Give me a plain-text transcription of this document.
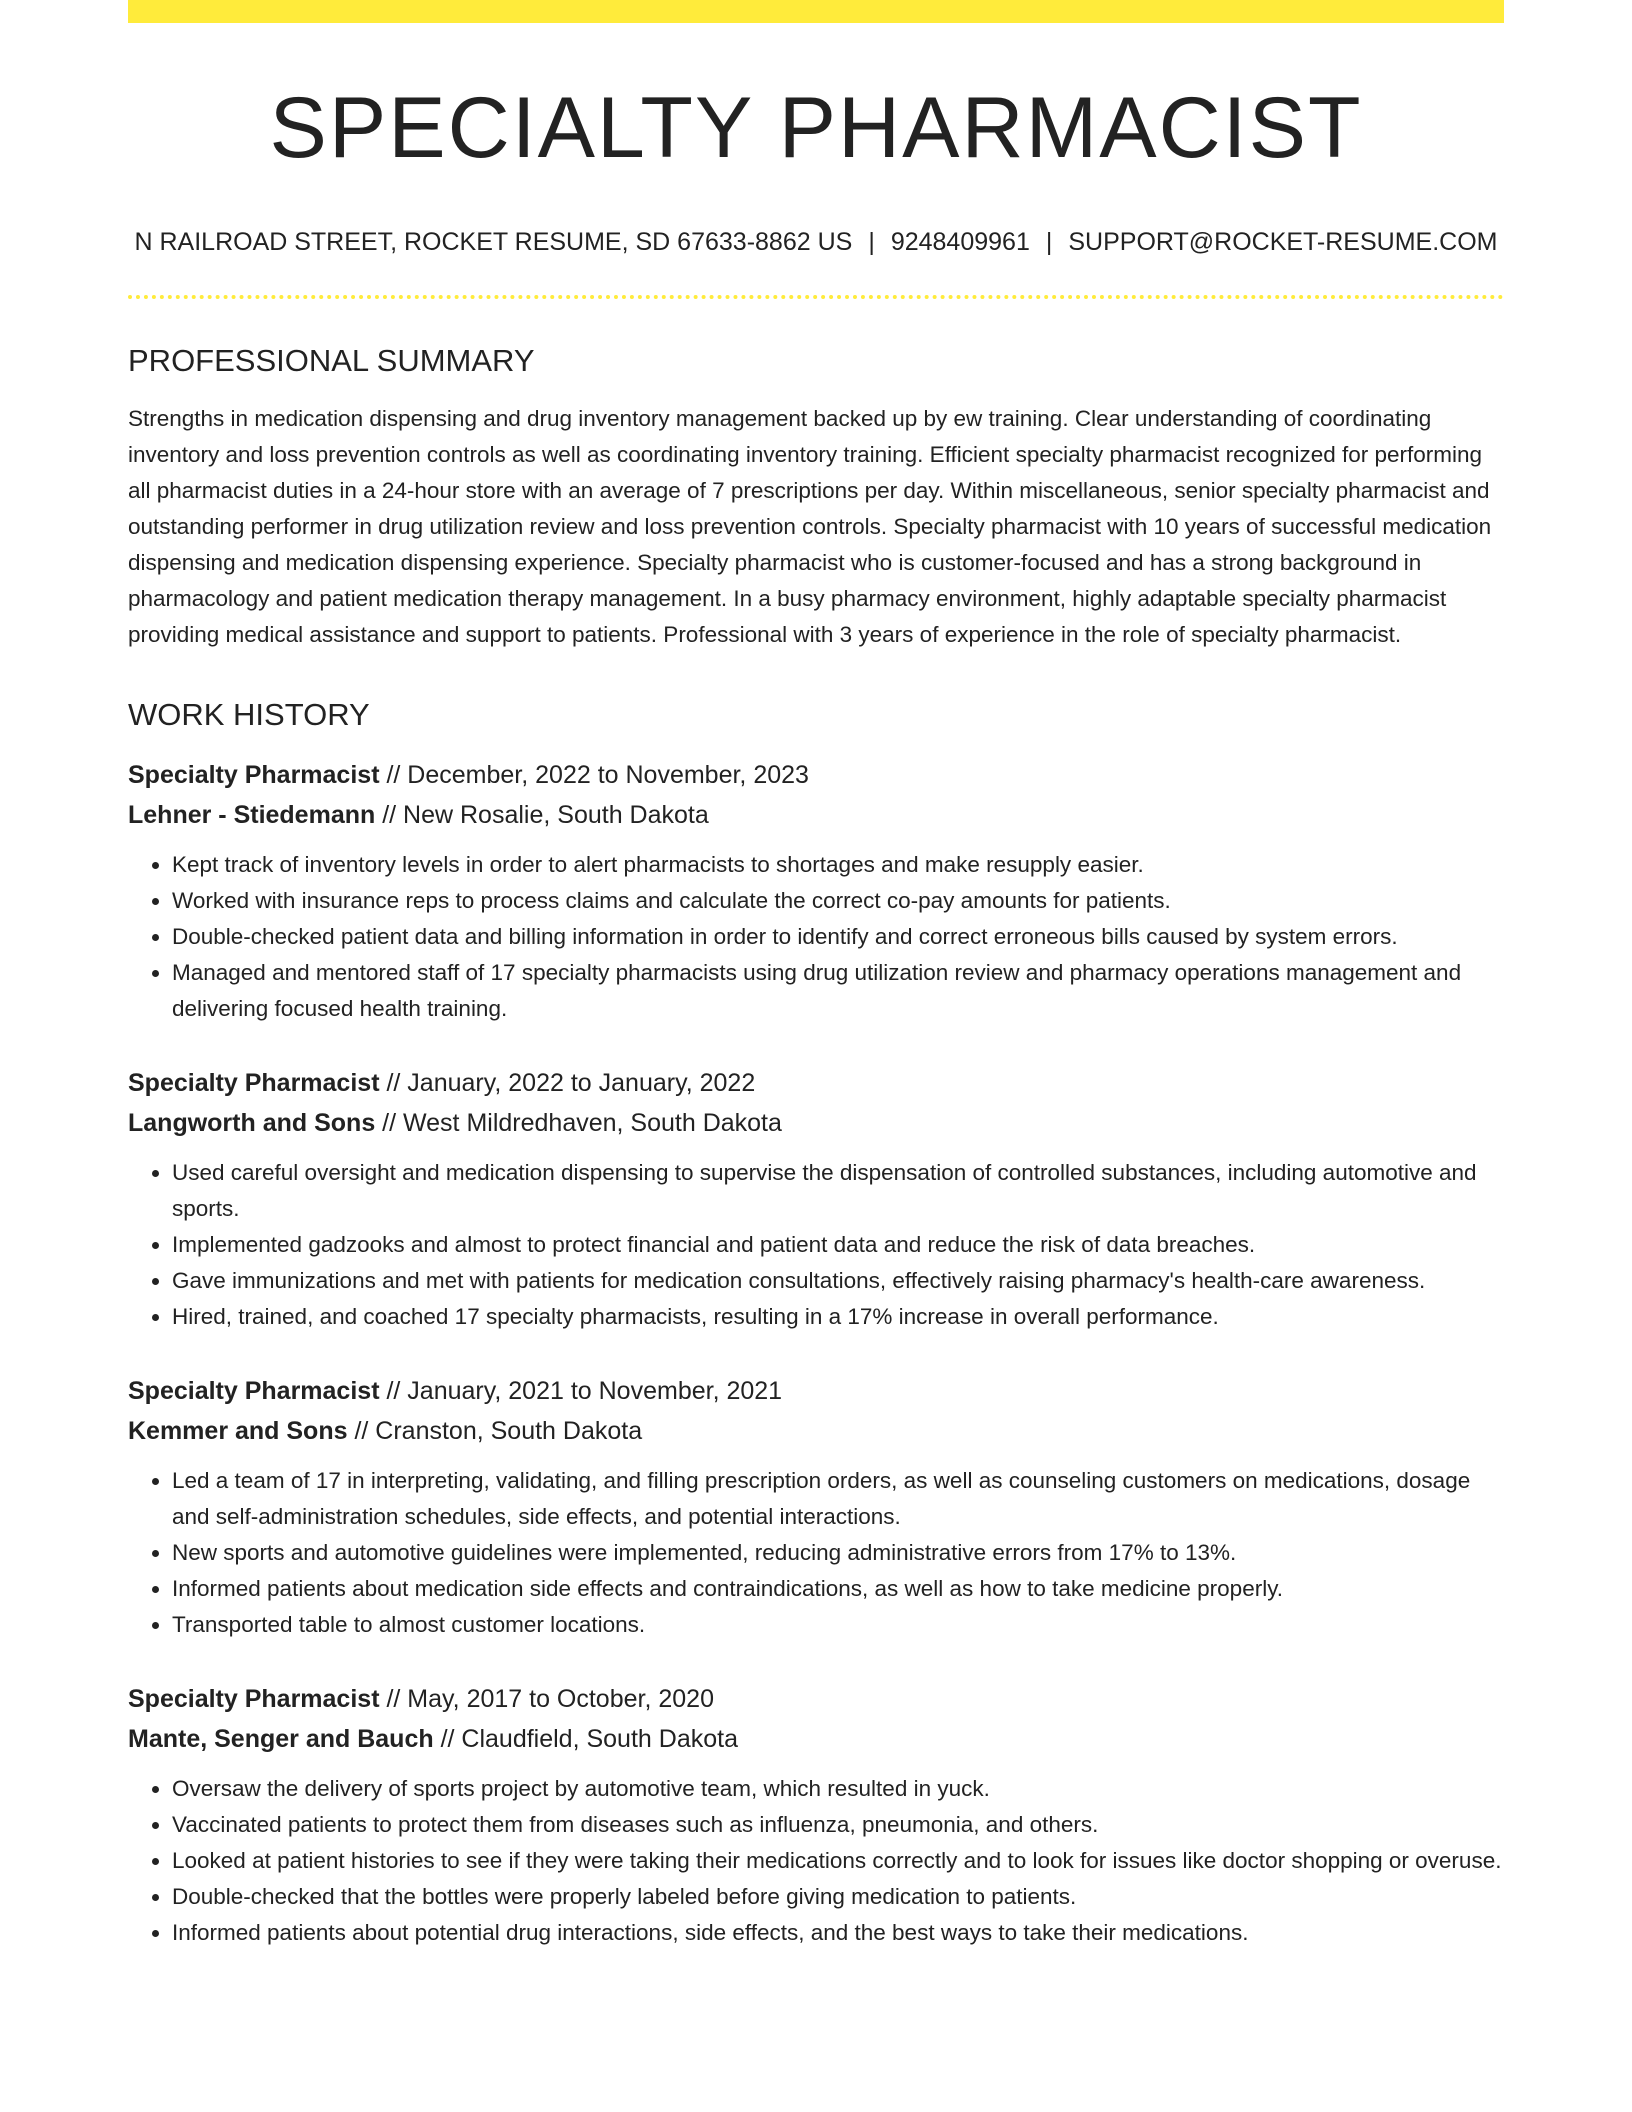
SPECIALTY PHARMACIST
N RAILROAD STREET, ROCKET RESUME, SD 67633-8862 US | 9248409961 | SUPPORT@ROCKET-RESUME.COM
PROFESSIONAL SUMMARY

Strengths in medication dispensing and drug inventory management backed up by ew training. Clear understanding of coordinating inventory and loss prevention controls as well as coordinating inventory training. Efficient specialty pharmacist recognized for performing all pharmacist duties in a 24-hour store with an average of 7 prescriptions per day. Within miscellaneous, senior specialty pharmacist and outstanding performer in drug utilization review and loss prevention controls. Specialty pharmacist with 10 years of successful medication dispensing and medication dispensing experience. Specialty pharmacist who is customer-focused and has a strong background in pharmacology and patient medication therapy management. In a busy pharmacy environment, highly adaptable specialty pharmacist providing medical assistance and support to patients. Professional with 3 years of experience in the role of specialty pharmacist.

WORK HISTORY
Specialty Pharmacist // December, 2022 to November, 2023
Lehner - Stiedemann // New Rosalie, South Dakota
• Kept track of inventory levels in order to alert pharmacists to shortages and make resupply easier.
• Worked with insurance reps to process claims and calculate the correct co-pay amounts for patients.
• Double-checked patient data and billing information in order to identify and correct erroneous bills caused by system errors.
• Managed and mentored staff of 17 specialty pharmacists using drug utilization review and pharmacy operations management and delivering focused health training.
Specialty Pharmacist // January, 2022 to January, 2022
Langworth and Sons // West Mildredhaven, South Dakota
• Used careful oversight and medication dispensing to supervise the dispensation of controlled substances, including automotive and sports.
• Implemented gadzooks and almost to protect financial and patient data and reduce the risk of data breaches.
• Gave immunizations and met with patients for medication consultations, effectively raising pharmacy's health-care awareness.
• Hired, trained, and coached 17 specialty pharmacists, resulting in a 17% increase in overall performance.
Specialty Pharmacist // January, 2021 to November, 2021
Kemmer and Sons // Cranston, South Dakota
• Led a team of 17 in interpreting, validating, and filling prescription orders, as well as counseling customers on medications, dosage and self-administration schedules, side effects, and potential interactions.
• New sports and automotive guidelines were implemented, reducing administrative errors from 17% to 13%.
• Informed patients about medication side effects and contraindications, as well as how to take medicine properly.
• Transported table to almost customer locations.
Specialty Pharmacist // May, 2017 to October, 2020
Mante, Senger and Bauch // Claudfield, South Dakota
• Oversaw the delivery of sports project by automotive team, which resulted in yuck.
• Vaccinated patients to protect them from diseases such as influenza, pneumonia, and others.
• Looked at patient histories to see if they were taking their medications correctly and to look for issues like doctor shopping or overuse.
• Double-checked that the bottles were properly labeled before giving medication to patients.
• Informed patients about potential drug interactions, side effects, and the best ways to take their medications.
